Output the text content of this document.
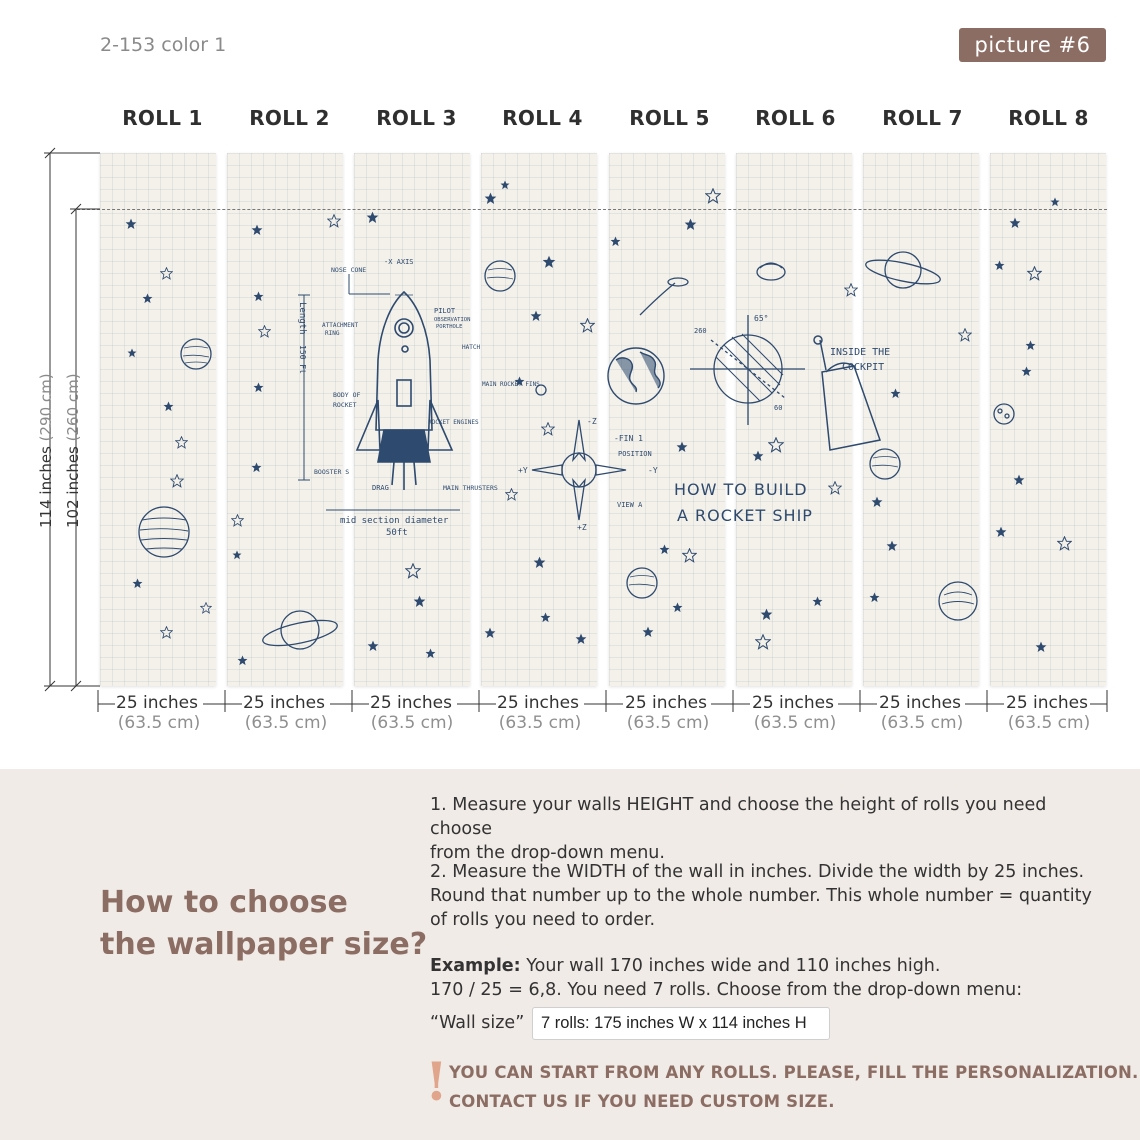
2-153 color 1	picture #6
ROLL 1	ROLL 2	ROLL 3	ROLL 4	ROLL 5	ROLL 6	ROLL 7	ROLL 8
-X AXIS
NOSE CONE
PILOT
OBSERVATION
PORTHOLE
HATCH
ATTACHMENT
RING
BODY OF
ROCKET
ROCKET ENGINES
MAIN ROCKET FINS
BOOSTER S
DRAG	MAIN THRUSTERS
mid section diameter
50ft
-FIN 1
POSITION
VIEW A
+Y	-Y
-Z
+Z
65°
60
260
HOW TO BUILD
A ROCKET SHIP
INSIDE THE
COCKPIT
Length
150 Ft
114 inches (290 cm)
102 inches (260 cm)
25 inches
(63.5 cm)
25 inches
(63.5 cm)
25 inches
(63.5 cm)
25 inches
(63.5 cm)
25 inches
(63.5 cm)
25 inches
(63.5 cm)
25 inches
(63.5 cm)
25 inches
(63.5 cm)
How to choose
the wallpaper size?
1. Measure your walls HEIGHT and choose the height of rolls you need choose
from the drop-down menu.
2. Measure the WIDTH of the wall in inches. Divide the width by 25 inches.
Round that number up to the whole number. This whole number = quantity
of rolls you need to order.
Example: Your wall 170 inches wide and 110 inches high.
170 / 25 = 6,8. You need 7 rolls. Choose from the drop-down menu:
“Wall size”	7 rolls: 175 inches W x 114 inches H
! YOU CAN START FROM ANY ROLLS. PLEASE, FILL THE PERSONALIZATION.
CONTACT US IF YOU NEED CUSTOM SIZE.
